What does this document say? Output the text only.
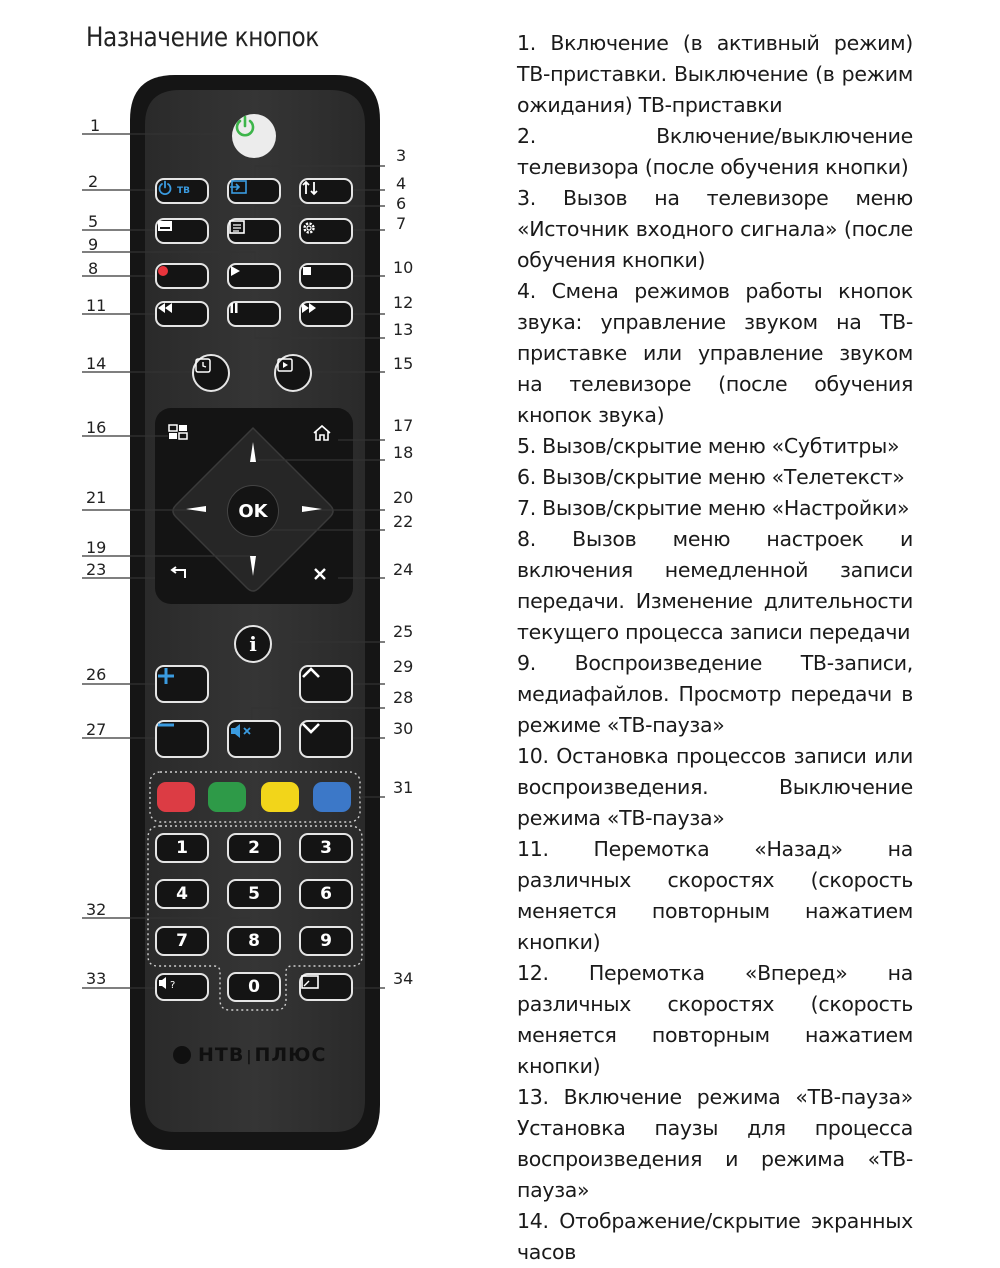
Назначение кнопок	1. Включение (в активный режим) ТВ-приставки. Выключение (в режим ожидания) ТВ-приставки
2. Включение/выключение телевизора (после обучения кнопки)
3. Вызов на телевизоре меню «Источник входного сигнала» (после обучения кнопки)
4. Смена режимов работы кнопок звука: управление звуком на ТВ-приставке или управление звуком на телевизоре (после обучения кнопок звука)
5. Вызов/скрытие меню «Субтитры»
6. Вызов/скрытие меню «Телетекст»
7. Вызов/скрытие меню «Настройки»
8. Вызов меню настроек и включения немедленной записи передачи. Изменение длительности текущего процесса записи передачи
9. Воспроизведение ТВ-записи, медиафайлов. Просмотр передачи в режиме «ТВ-пауза»
10. Остановка процессов записи или воспроизведения. Выключение режима «ТВ-пауза»
11. Перемотка «Назад» на различных скоростях (скорость меняется повторным нажатием кнопки)
12. Перемотка «Вперед» на различных скоростях (скорость меняется повторным нажатием кнопки)
13. Включение режима «ТВ-пауза» Установка паузы для процесса воспроизведения и режима «ТВ-пауза»
14. Отображение/скрытие экранных часов
1
2
3
4
5
6
7
9
8	10
11	12
13
14	15
16	17
18
19
20
21
22
23	24
25
26
27
28
29
30
31
32
33	34
ТВ
OK
i
1	2	3
4	5	6
7	8	9
0
?
НТВ | ПЛЮС
